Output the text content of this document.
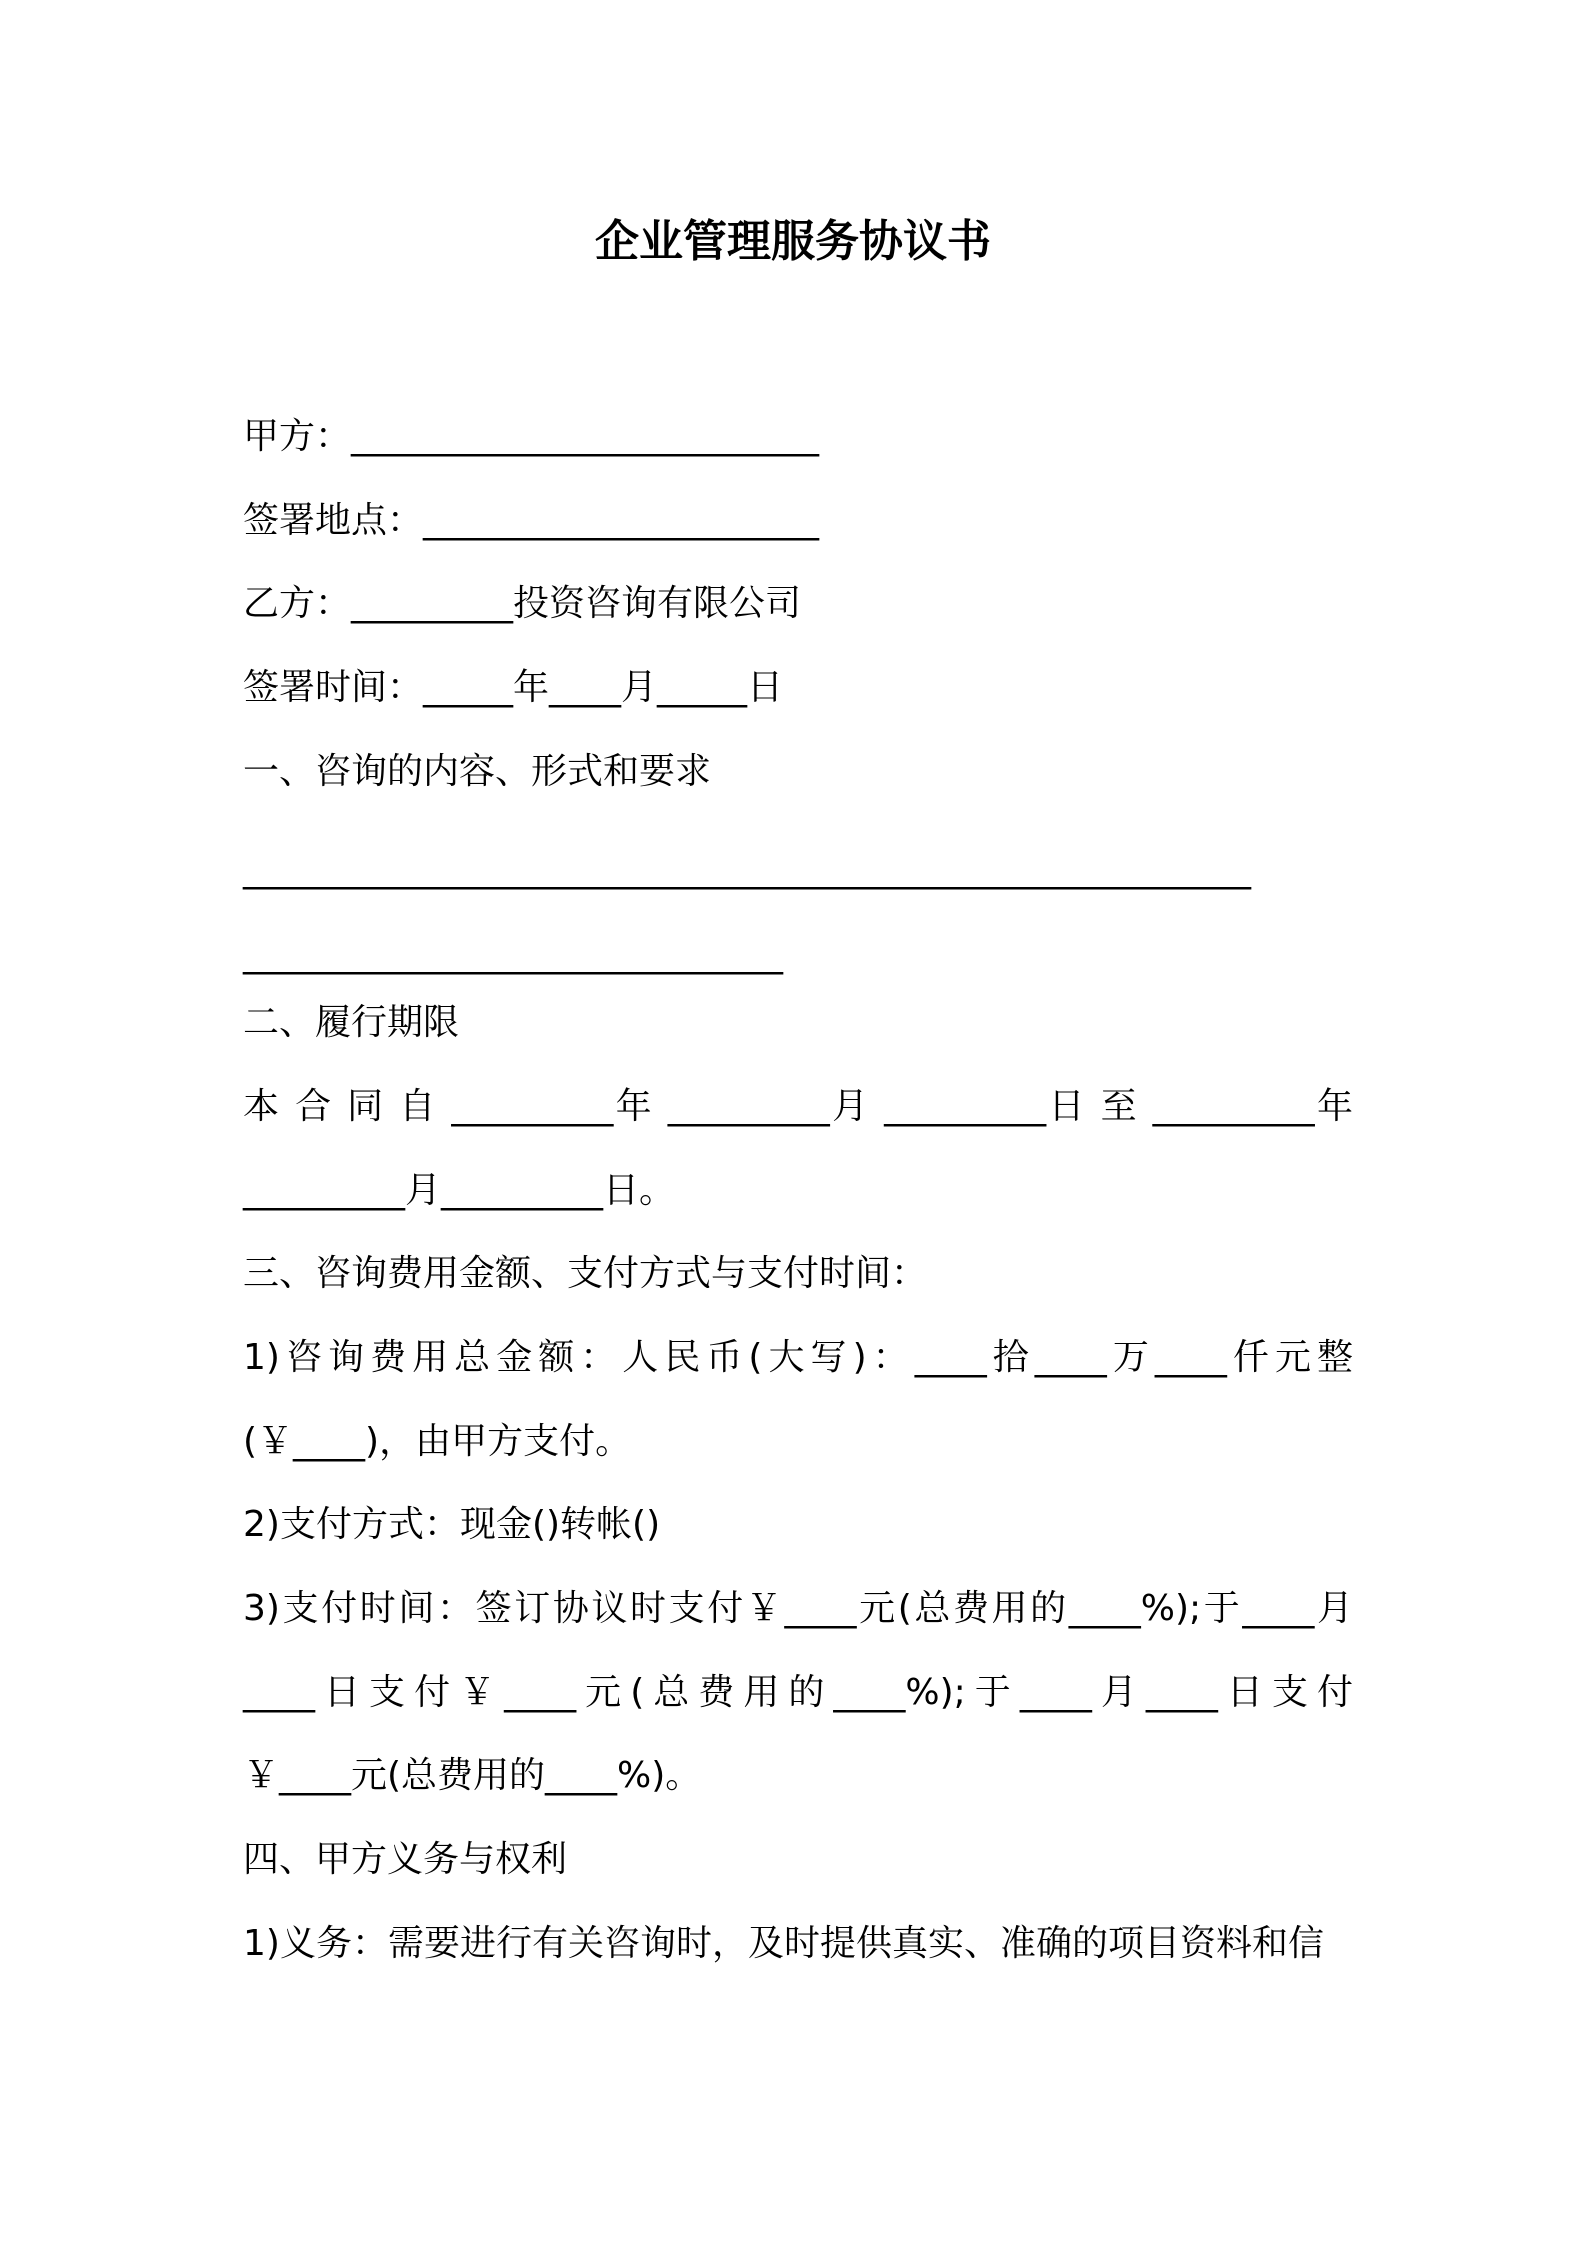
企业管理服务协议书
甲方：__________________________
签署地点：______________________
乙方：_________投资咨询有限公司
签署时间：_____年____月_____日
一、咨询的内容、形式和要求
________________________________________________________
______________________________
二、履行期限
本 合 同 自 _________年 _________月 _________日 至 _________年
_________月_________日。
三、咨询费用金额、支付方式与支付时间：
1)咨询费用总金额：人民币(大写)：____拾____万____仟元整
(￥____)，由甲方支付。
2)支付方式：现金()转帐()
3)支付时间：签订协议时支付￥____元(总费用的____%);于____月
____日支付￥____元(总费用的____%);于____月____日支付
￥____元(总费用的____%)。
四、甲方义务与权利
1)义务：需要进行有关咨询时，及时提供真实、准确的项目资料和信
